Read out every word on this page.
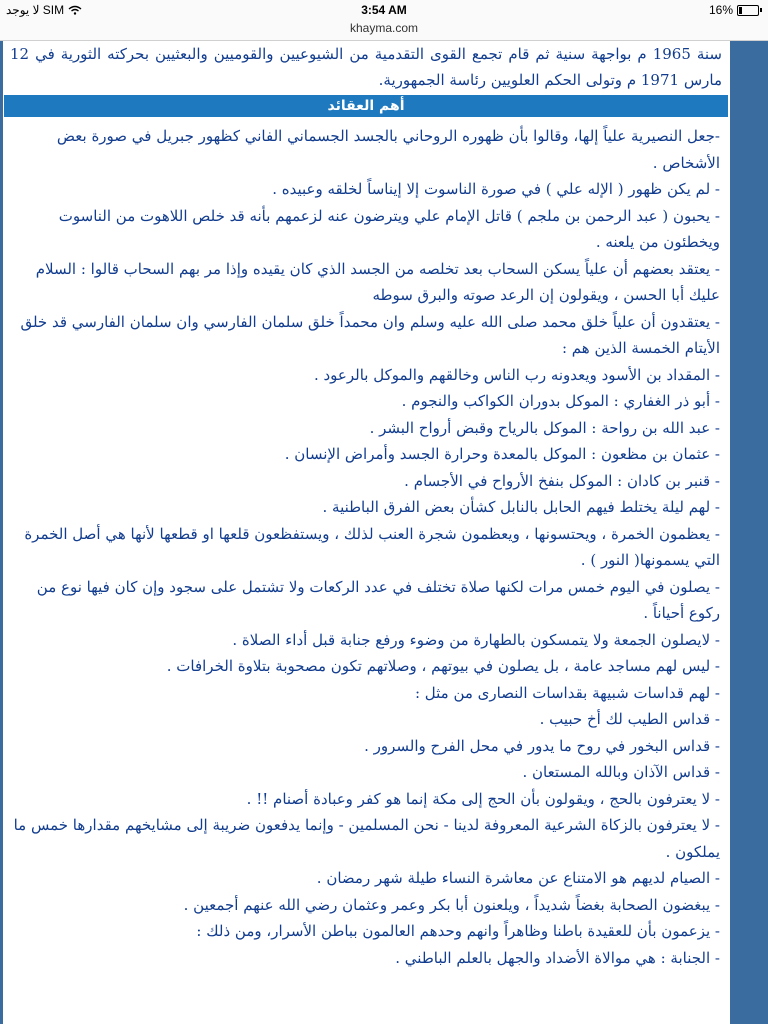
لا يوجد SIM	3:54 AM	16%
khayma.com
سنة 1965 م بواجهة سنية ثم قام تجمع القوى التقدمية من الشيوعيين والقوميين والبعثيين بحركته الثورية في 12 مارس 1971 م وتولى الحكم العلويين رئاسة الجمهورية.
أهم العقائد
-جعل النصيرية علياً إلها، وقالوا بأن ظهوره الروحاني بالجسد الجسماني الفاني كظهور جبريل في صورة بعض الأشخاص .
- لم يكن ظهور ( الإله علي ) في صورة الناسوت إلا إيناساً لخلقه وعبيده .
- يحبون ( عبد الرحمن بن ملجم ) قاتل الإمام علي ويترضون عنه لزعمهم بأنه قد خلص اللاهوت من الناسوت ويخطئون من يلعنه .
- يعتقد بعضهم أن علياً يسكن السحاب بعد تخلصه من الجسد الذي كان يقيده وإذا مر بهم السحاب قالوا : السلام عليك أبا الحسن ، ويقولون إن الرعد صوته والبرق سوطه
- يعتقدون أن علياً خلق محمد صلى الله عليه وسلم وان محمداً خلق سلمان الفارسي وان سلمان الفارسي قد خلق الأيتام الخمسة الذين هم :
- المقداد بن الأسود ويعدونه رب الناس وخالقهم والموكل بالرعود .
- أبو ذر الغفاري : الموكل بدوران الكواكب والنجوم .
- عبد الله بن رواحة : الموكل بالرياح وقبض أرواح البشر .
- عثمان بن مظعون : الموكل بالمعدة وحرارة الجسد وأمراض الإنسان .
- قنبر بن كادان : الموكل بنفخ الأرواح في الأجسام .
- لهم ليلة يختلط فيهم الحابل بالنابل كشأن بعض الفرق الباطنية .
- يعظمون الخمرة ، ويحتسونها ، ويعظمون شجرة العنب لذلك ، ويستفظعون قلعها او قطعها لأنها هي أصل الخمرة التي يسمونها( النور ) .
- يصلون في اليوم خمس مرات لكنها صلاة تختلف في عدد الركعات ولا تشتمل على سجود وإن كان فيها نوع من ركوع أحياناً .
- لايصلون الجمعة ولا يتمسكون بالطهارة من وضوء ورفع جنابة قبل أداء الصلاة .
- ليس لهم مساجد عامة ، بل يصلون في بيوتهم ، وصلاتهم تكون مصحوبة بتلاوة الخرافات .
- لهم قداسات شبيهة بقداسات النصارى من مثل :
- قداس الطيب لك أخ حبيب .
- قداس البخور في روح ما يدور في محل الفرح والسرور .
- قداس الآذان وبالله المستعان .
- لا يعترفون بالحج ، ويقولون بأن الحج إلى مكة إنما هو كفر وعبادة أصنام !! .
- لا يعترفون بالزكاة الشرعية المعروفة لدينا - نحن المسلمين - وإنما يدفعون ضريبة إلى مشايخهم مقدارها خمس ما يملكون .
- الصيام لديهم هو الامتناع عن معاشرة النساء طيلة شهر رمضان .
- يبغضون الصحابة بغضاً شديداً ، ويلعنون أبا بكر وعمر وعثمان رضي الله عنهم أجمعين .
- يزعمون بأن للعقيدة باطنا وظاهراً وانهم وحدهم العالمون بباطن الأسرار، ومن ذلك :
- الجنابة : هي موالاة الأضداد والجهل بالعلم الباطني .
